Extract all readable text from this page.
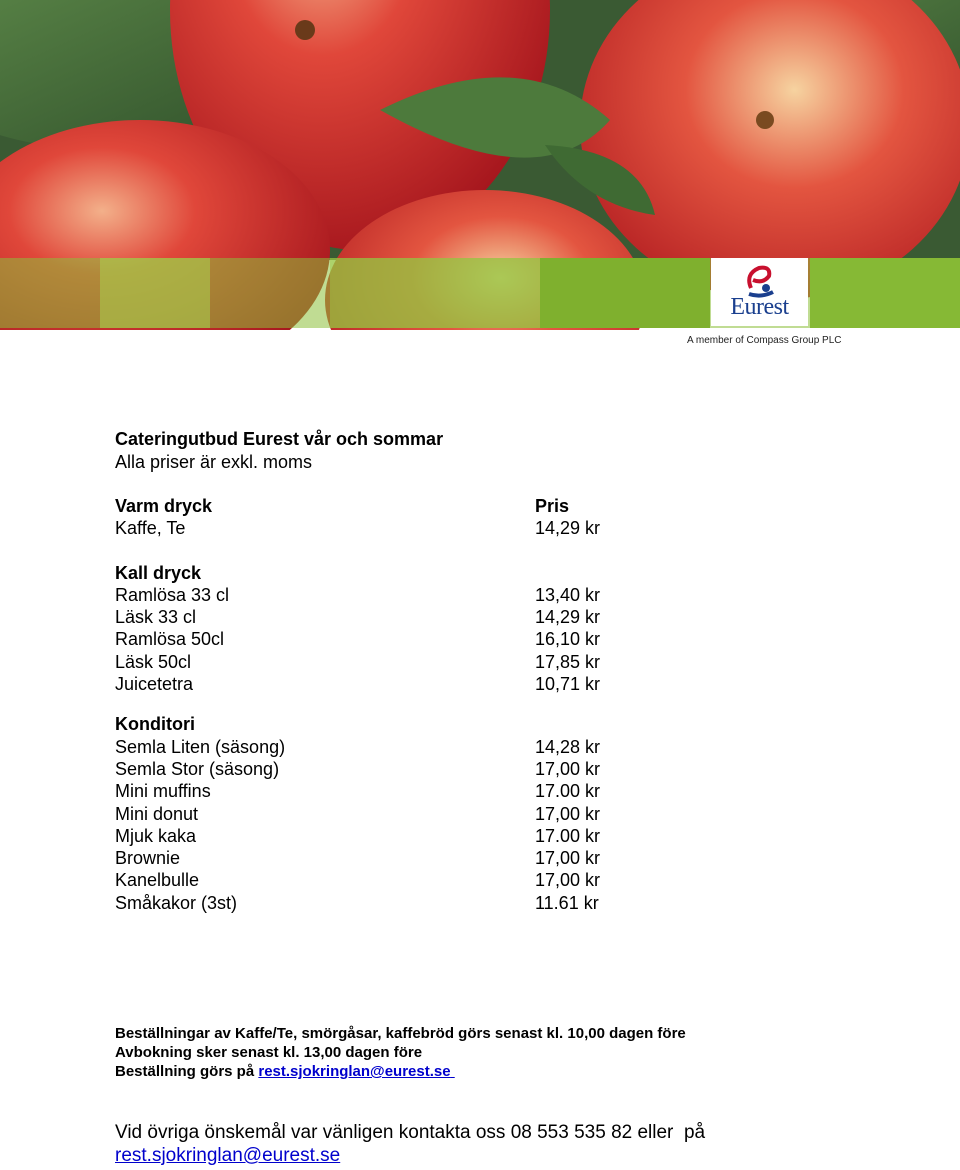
Eurest
A member of Compass Group PLC
Cateringutbud Eurest vår och sommar
Alla priser är exkl. moms
Varm dryck	Pris
Kaffe, Te	14,29 kr
Kall dryck
Ramlösa 33 cl	13,40 kr
Läsk 33 cl	14,29 kr
Ramlösa 50cl	16,10 kr
Läsk 50cl	17,85 kr
Juicetetra	10,71 kr
Konditori
Semla Liten (säsong)	14,28 kr
Semla Stor (säsong)	17,00 kr
Mini muffins	17.00 kr
Mini donut	17,00 kr
Mjuk kaka	17.00 kr
Brownie	17,00 kr
Kanelbulle	17,00 kr
Småkakor (3st)	11.61 kr
Beställningar av Kaffe/Te, smörgåsar, kaffebröd görs senast kl. 10,00 dagen före
Avbokning sker senast kl. 13,00 dagen före
Beställning görs på rest.sjokringlan@eurest.se
Vid övriga önskemål var vänligen kontakta oss 08 553 535 82 eller  på
rest.sjokringlan@eurest.se
